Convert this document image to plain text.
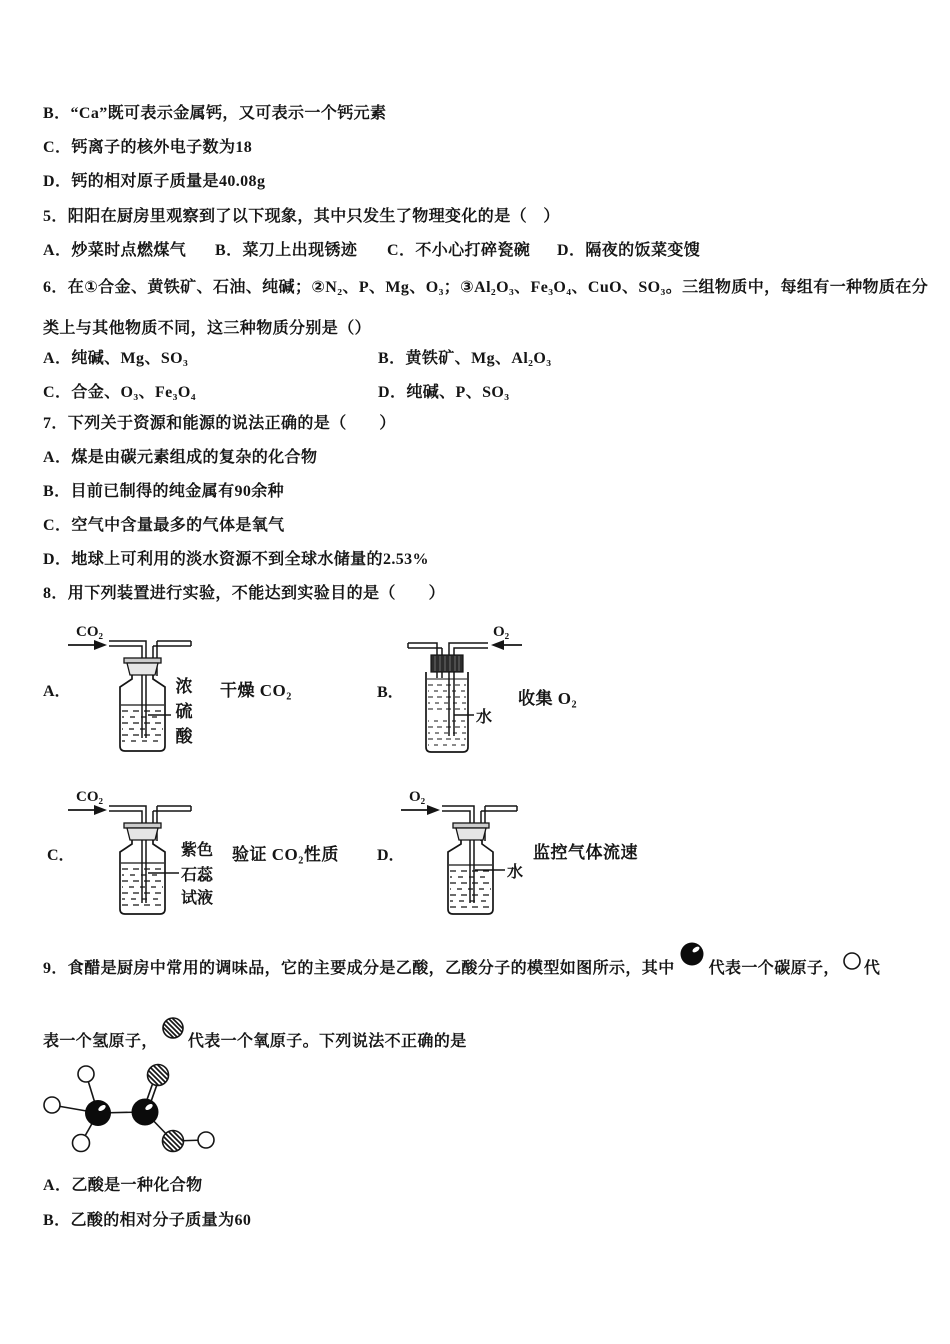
B．“Ca”既可表示金属钙，又可表示一个钙元素
C．钙离子的核外电子数为18
D．钙的相对原子质量是40.08g
5．阳阳在厨房里观察到了以下现象，其中只发生了物理变化的是（　）
A．炒菜时点燃煤气 B．菜刀上出现锈迹 C．不小心打碎瓷碗 D．隔夜的饭菜变馊
6．在①合金、黄铁矿、石油、纯碱；②N₂、P、Mg、O₃；③Al₂O₃、Fe₃O₄、CuO、SO₃。三组物质中，每组有一种物质在分
类上与其他物质不同，这三种物质分别是（）
A．纯碱、Mg、SO₃	B．黄铁矿、Mg、Al₂O₃
C．合金、O₃、Fe₃O₄	D．纯碱、P、SO₃
7．下列关于资源和能源的说法正确的是（　　）
A．煤是由碳元素组成的复杂的化合物
B．目前已制得的纯金属有90余种
C．空气中含量最多的气体是氧气
D．地球上可利用的淡水资源不到全球水储量的2.53%
8．用下列装置进行实验，不能达到实验目的是（　　）
A．	干燥 CO₂
CO₂
浓
硫
酸
B．	收集 O₂
O₂
水
C．	验证 CO₂性质
CO₂
紫色
石蕊
试液
D．	监控气体流速
O₂
水
9．食醋是厨房中常用的调味品，它的主要成分是乙酸，乙酸分子的模型如图所示，其中 代表一个碳原子， 代
表一个氢原子， 代表一个氧原子。下列说法不正确的是
A．乙酸是一种化合物
B．乙酸的相对分子质量为60
